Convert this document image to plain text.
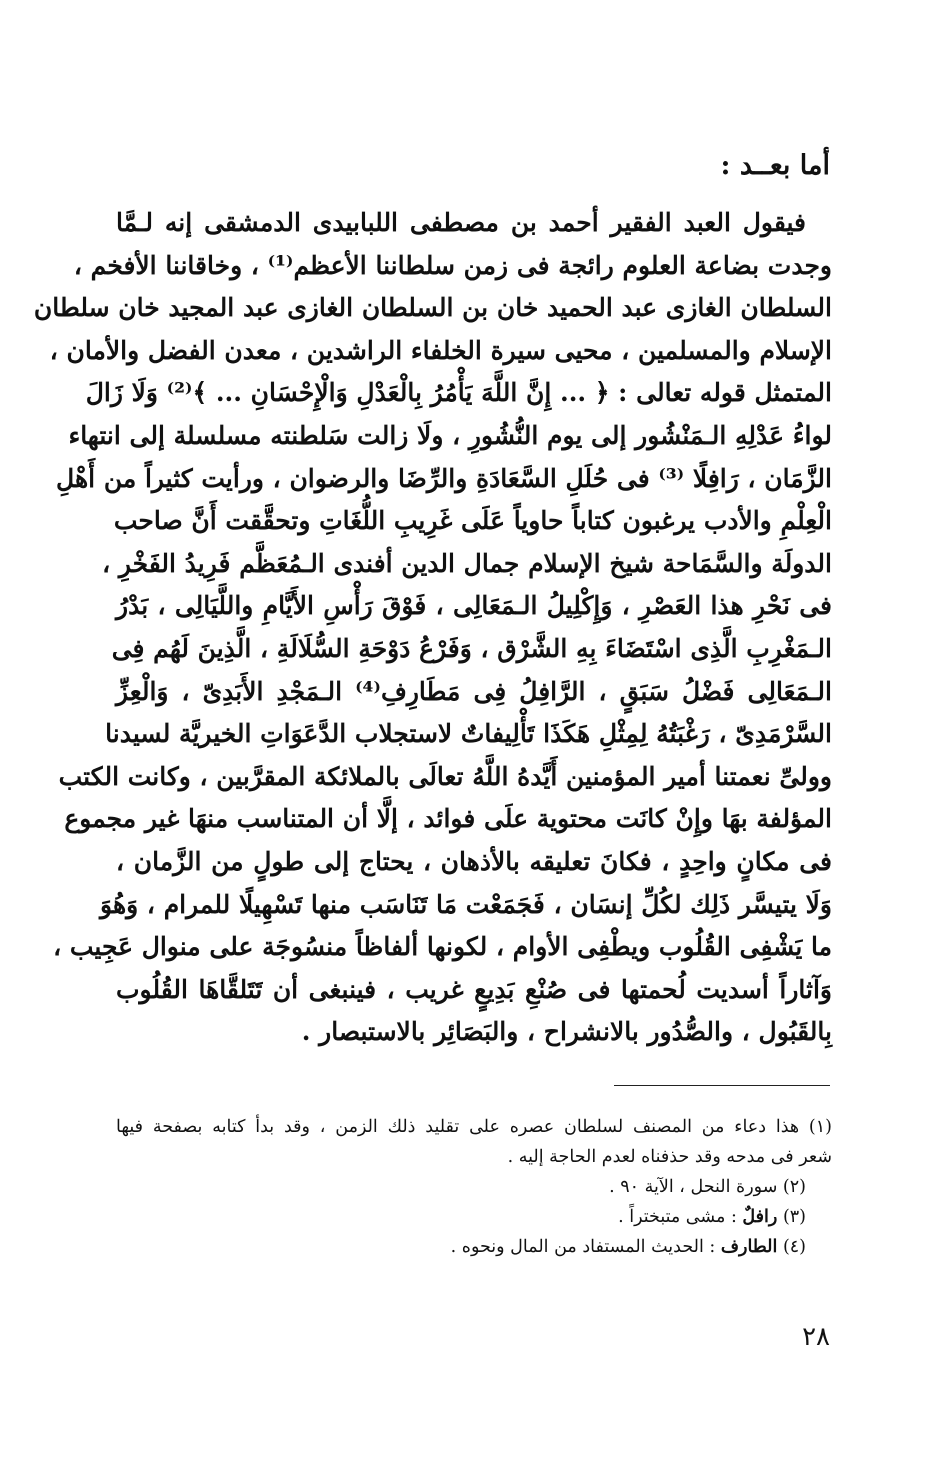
أما بعــد :
فيقول العبد الفقير أحمد بن مصطفى اللبابيدى الدمشقى إنه لـمَّا
وجدت بضاعة العلوم رائجة فى زمن سلطاننا الأعظم⁽¹⁾ ، وخاقاننا الأفخم ،
السلطان الغازى عبد الحميد خان بن السلطان الغازى عبد المجيد خان سلطان
الإسلام والمسلمين ، محيى سيرة الخلفاء الراشدين ، معدن الفضل والأمان ،
المتمثل قوله تعالى : ﴿ ... إِنَّ اللَّهَ يَأْمُرُ بِالْعَدْلِ وَالْإِحْسَانِ ... ﴾⁽²⁾ وَلَا زَالَ
لواءُ عَدْلِهِ الـمَنْشُور إلى يوم النُّشُورِ ، ولَا زالت سَلطنته مسلسلة إلى انتهاء
الزَّمَان ، رَافِلًا ⁽³⁾ فى حُلَلِ السَّعَادَةِ والرِّضَا والرضوان ، ورأيت كثيراً من أَهْلِ
الْعِلْمِ والأدب يرغبون كتاباً حاوياً عَلَى غَرِيبِ اللُّغَاتِ وتحقَّقت أَنَّ صاحب
الدولَة والسَّمَاحة شيخ الإسلام جمال الدين أفندى الـمُعَظَّم فَرِيدُ الفَخْرِ ،
فى نَحْرِ هذا العَصْرِ ، وَإِكْلِيلُ الـمَعَالِى ، فَوْقَ رَأْسِ الأَيَّامِ واللَّيَالِى ، بَدْرُ
الـمَغْرِبِ الَّذِى اسْتَضَاءَ بِهِ الشَّرْق ، وَفَرْعُ دَوْحَةِ السُّلَالَةِ ، الَّذِينَ لَهُم فِى
الـمَعَالِى فَضْلُ سَبَقٍ ، الرَّافِلُ فِى مَطَارِفِ⁽⁴⁾ الـمَجْدِ الأَبَدِىّ ، وَالْعِزِّ
السَّرْمَدِىّ ، رَغْبَتُهُ لِمِثْلِ هَكَذَا تَأْلِيفاتٌ لاستجلاب الدَّعَوَاتِ الخيريَّة لسيدنا
وولىِّ نعمتنا أمير المؤمنين أَيَّدهُ اللَّهُ تعالَى بالملائكة المقرَّبين ، وكانت الكتب
المؤلفة بهَا وإِنْ كانَت محتوية علَى فوائد ، إلَّا أن المتناسب منهَا غير مجموع
فى مكانٍ واحِدٍ ، فكانَ تعليقه بالأذهان ، يحتاج إلى طولٍ من الزَّمان ،
وَلَا يتيسَّر ذَلِك لكُلِّ إنسَان ، فَجَمَعْت مَا تَنَاسَب منها تَسْهِيلًا للمرام ، وَهُوَ
ما يَشْفِى القُلُوب ويطْفِى الأوام ، لكونها ألفاظاً منسُوجَة على منوال عَجِيب ،
وَآثاراً أسديت لُحمتها فى صُنْعِ بَدِيعٍ غريب ، فينبغى أن تَتَلقَّاهَا القُلُوب
بِالقَبُول ، والصُّدُور بالانشراح ، والبَصَائِر بالاستبصار .
(١) هذا دعاء من المصنف لسلطان عصره على تقليد ذلك الزمن ، وقد بدأ كتابه بصفحة فيها
شعر فى مدحه وقد حذفناه لعدم الحاجة إليه .
(٢) سورة النحل ، الآية ٩٠ .
(٣) رافلٌ : مشى متبختراً .
(٤) الطارف : الحديث المستفاد من المال ونحوه .
٢٨
